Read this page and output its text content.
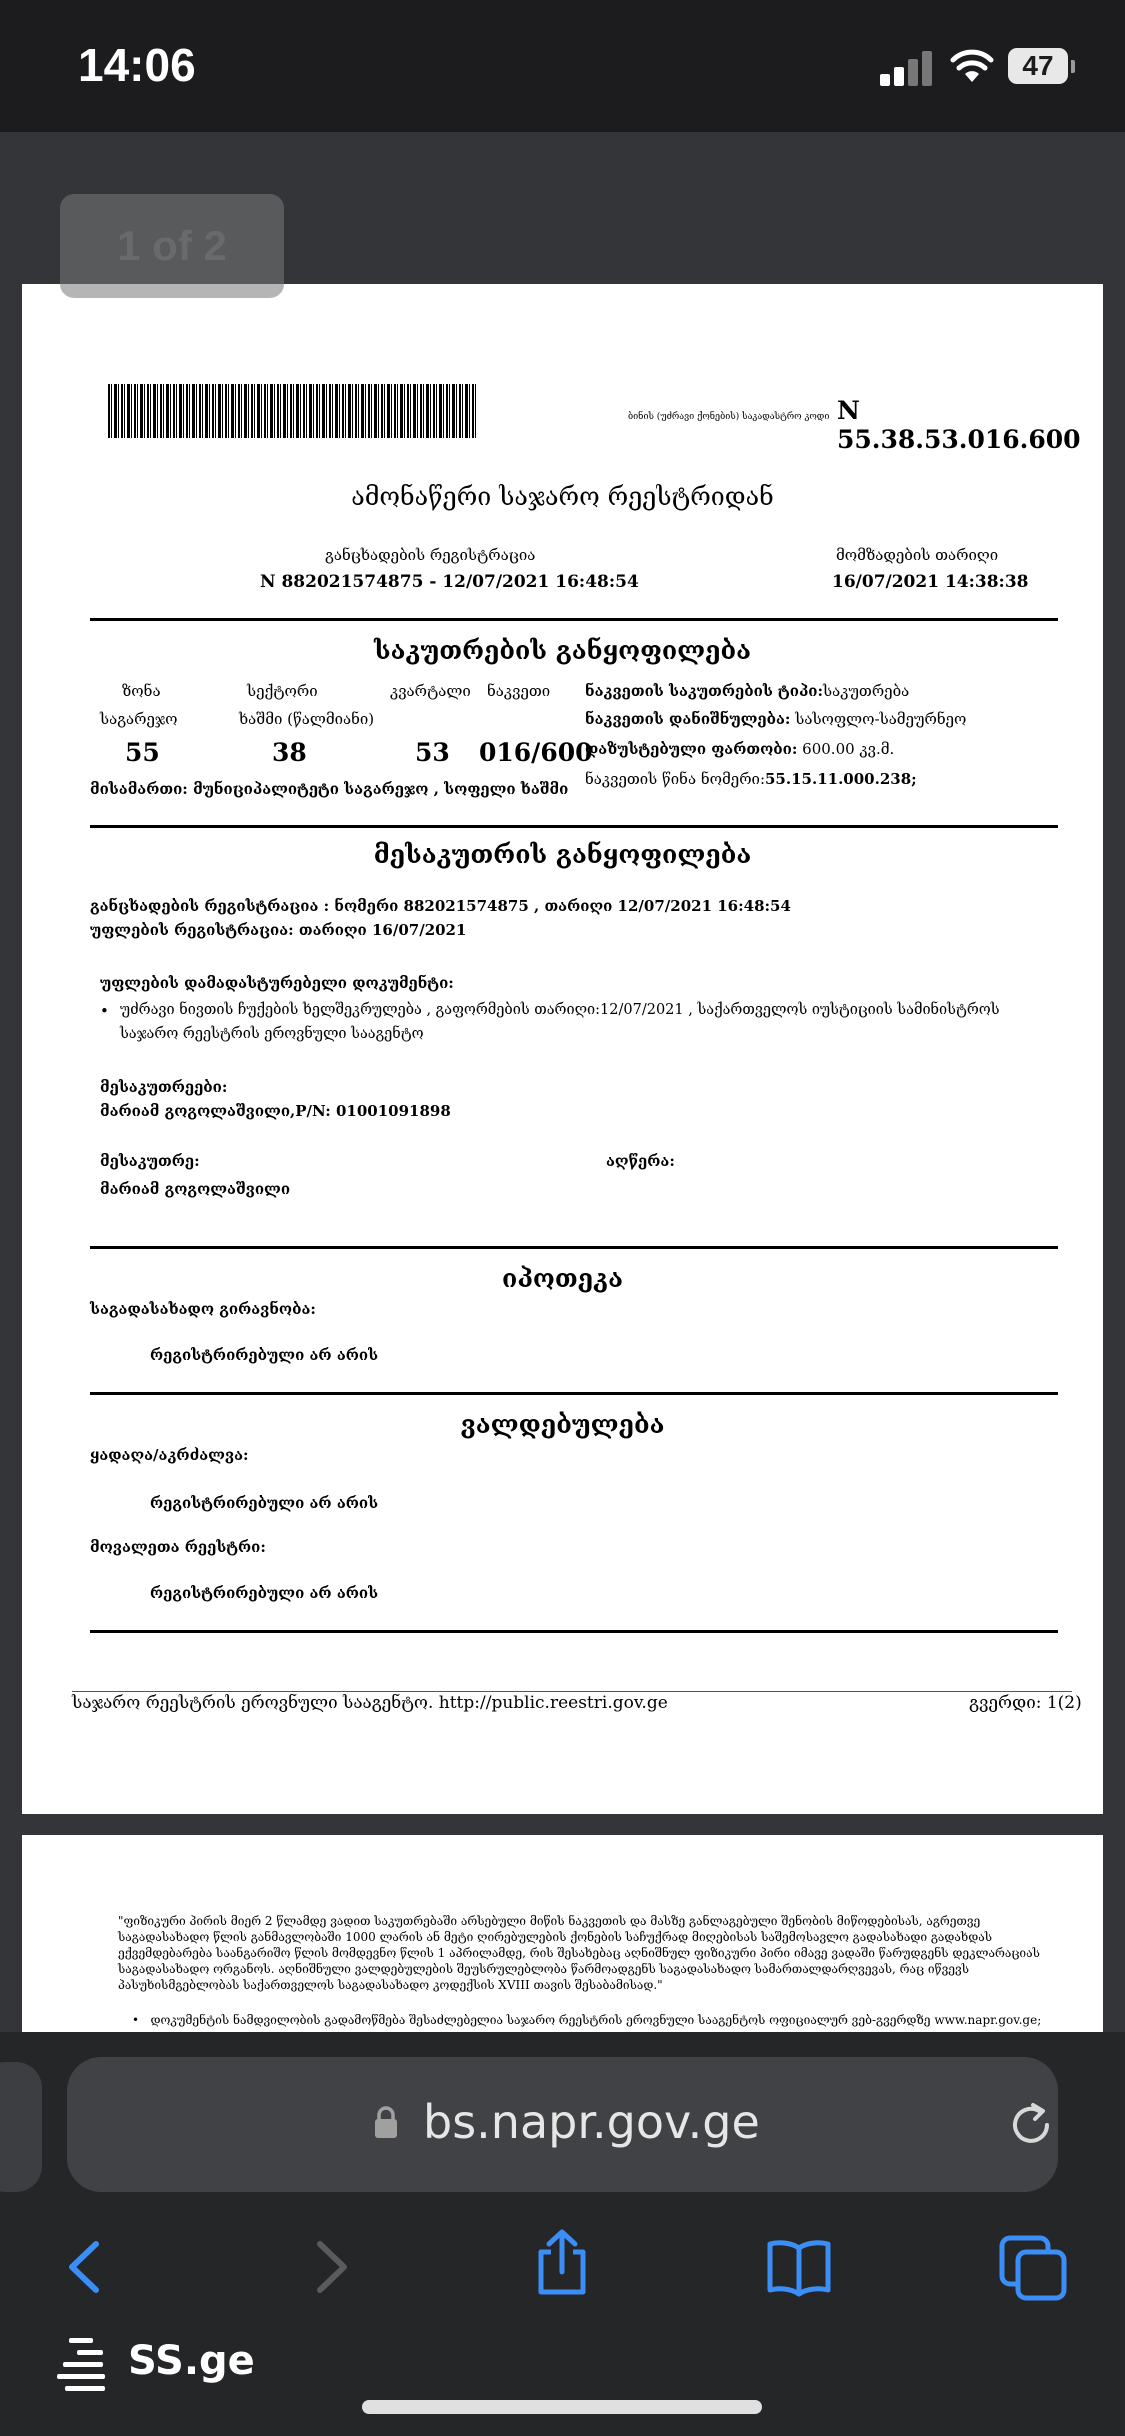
14:06	47
1 of 2
ბინის (უძრავი ქონების) საკადასტრო კოდი N 55.38.53.016.600
ამონაწერი საჯარო რეესტრიდან
განცხადების რეგისტრაცია
N 882021574875 - 12/07/2021 16:48:54
მომზადების თარიღი
16/07/2021 14:38:38
საკუთრების განყოფილება
ზონა	სექტორი	კვარტალი ნაკვეთი
საგარეჯო	ხაშმი (წალმიანი)
55	38	53 016/600
ნაკვეთის საკუთრების ტიპი:საკუთრება
ნაკვეთის დანიშნულება: სასოფლო-სამეურნეო
დაზუსტებული ფართობი: 600.00 კვ.მ.
ნაკვეთის წინა ნომერი:55.15.11.000.238;
მისამართი: მუნიციპალიტეტი საგარეჯო , სოფელი ხაშმი
მესაკუთრის განყოფილება
განცხადების რეგისტრაცია : ნომერი 882021574875 , თარიღი 12/07/2021 16:48:54
უფლების რეგისტრაცია: თარიღი 16/07/2021
უფლების დამადასტურებელი დოკუმენტი:
• უძრავი ნივთის ჩუქების ხელშეკრულება , გაფორმების თარიღი:12/07/2021 , საქართველოს იუსტიციის სამინისტროს
საჯარო რეესტრის ეროვნული სააგენტო
მესაკუთრეები:
მარიამ გოგოლაშვილი,P/N: 01001091898
მესაკუთრე:	აღწერა:
მარიამ გოგოლაშვილი
იპოთეკა
საგადასახადო გირავნობა:
რეგისტრირებული არ არის
ვალდებულება
ყადაღა/აკრძალვა:
რეგისტრირებული არ არის
მოვალეთა რეესტრი:
რეგისტრირებული არ არის
საჯარო რეესტრის ეროვნული სააგენტო. http://public.reestri.gov.ge	გვერდი: 1(2)
"ფიზიკური პირის მიერ 2 წლამდე ვადით საკუთრებაში არსებული მიწის ნაკვეთის და მასზე განლაგებული შენობის მიწოდებისას, აგრეთვე საგადასახადო წლის განმავლობაში 1000 ლარის ან მეტი ღირებულების ქონების საჩუქრად მიღებისას საშემოსავლო გადასახადი გადახდას ექვემდებარება საანგარიშო წლის მომდევნო წლის 1 აპრილამდე, რის შესახებაც აღნიშნულ ფიზიკური პირი იმავე ვადაში წარუდგენს დეკლარაციას საგადასახადო ორგანოს. აღნიშნული ვალდებულების შეუსრულებლობა წარმოადგენს საგადასახადო სამართალდარღვევას, რაც იწვევს პასუხისმგებლობას საქართველოს საგადასახადო კოდექსის XVIII თავის შესაბამისად."
•   დოკუმენტის ნამდვილობის გადამოწმება შესაძლებელია საჯარო რეესტრის ეროვნული სააგენტოს ოფიციალურ ვებ-გვერდზე www.napr.gov.ge;
bs.napr.gov.ge
SS.ge
